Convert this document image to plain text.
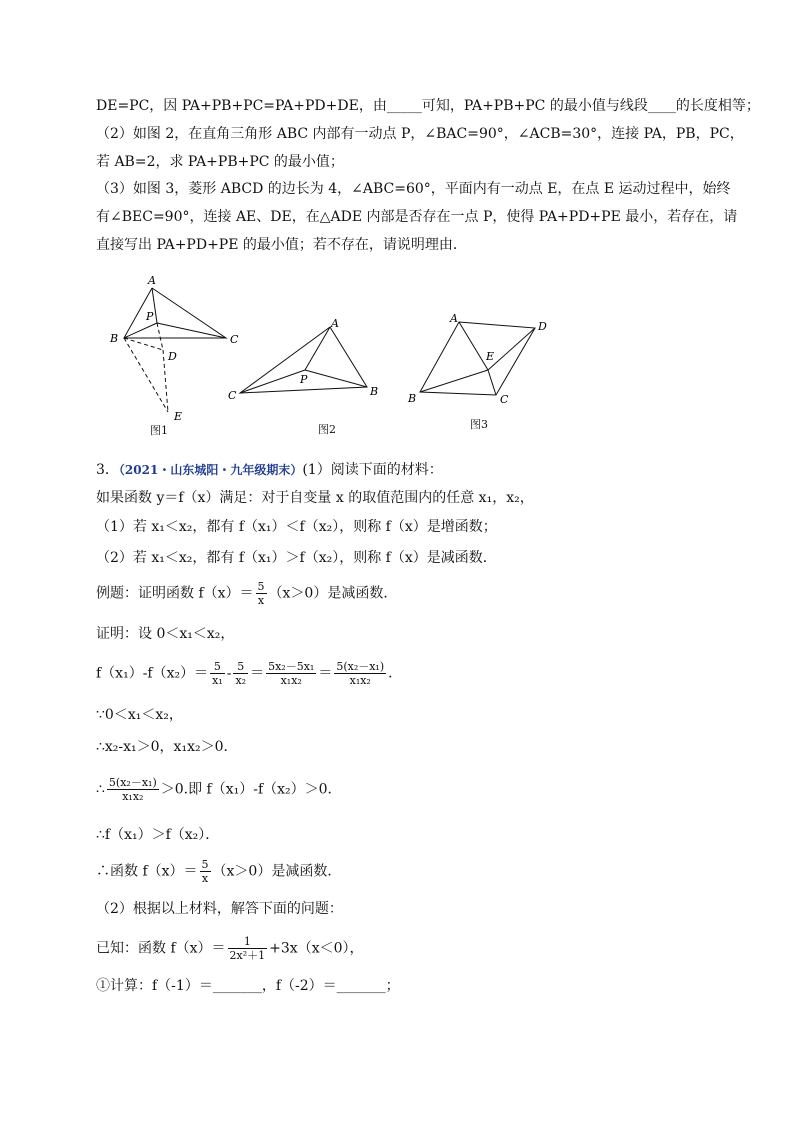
DE=PC，因 PA+PB+PC=PA+PD+DE，由_____可知，PA+PB+PC 的最小值与线段____的长度相等；
（2）如图 2，在直角三角形 ABC 内部有一动点 P，∠BAC=90°，∠ACB=30°，连接 PA，PB，PC，
若 AB=2，求 PA+PB+PC 的最小值；
（3）如图 3，菱形 ABCD 的边长为 4，∠ABC=60°，平面内有一动点 E，在点 E 运动过程中，始终
有∠BEC=90°，连接 AE、DE，在△ADE 内部是否存在一点 P，使得 PA+PD+PE 最小，若存在，请
直接写出 PA+PD+PE 的最小值；若不存在，请说明理由．
A
B	C
P
D
E
图1
A
C	B
P
图2
A
D
E
B	C
图3
3．（2021・山东城阳・九年级期末）(1）阅读下面的材料：
如果函数 y＝f（x）满足：对于自变量 x 的取值范围内的任意 x₁，x₂，
（1）若 x₁＜x₂，都有 f（x₁）＜f（x₂），则称 f（x）是增函数；
（2）若 x₁＜x₂，都有 f（x₁）＞f（x₂），则称 f（x）是减函数．
例题：证明函数 $f(x)= \frac{5}{x} (x>0)$是减函数．
证明：设 0＜x₁＜x₂，
$f(x_1)-f(x_2)= \frac{5}{\text{x₁}} - \frac{5}{\text{x₂}} = \frac{\text{5x₂－5x₁}}{\text{x₁x₂}} = \frac{\text{5(x₂－x₁)}}{\text{x₁x₂}}$ ．
∵0＜x₁＜x₂，
∴x₂-x₁＞0，x₁x₂＞0．
∴ $\frac{\text{5(x₂－x₁)}}{\text{x₁x₂}} >0$.即 f（x₁）-f（x₂）＞0．
∴f（x₁）＞f（x₂）．
∴函数 $f(x)= \frac{5}{x} (x>0)$是减函数．
（2）根据以上材料，解答下面的问题：
已知：函数 $f(x)= \frac{1}{\text{2x²＋1}} +3x(x<0)$，
①计算：f（-1）＝_______，f（-2）＝_______；
